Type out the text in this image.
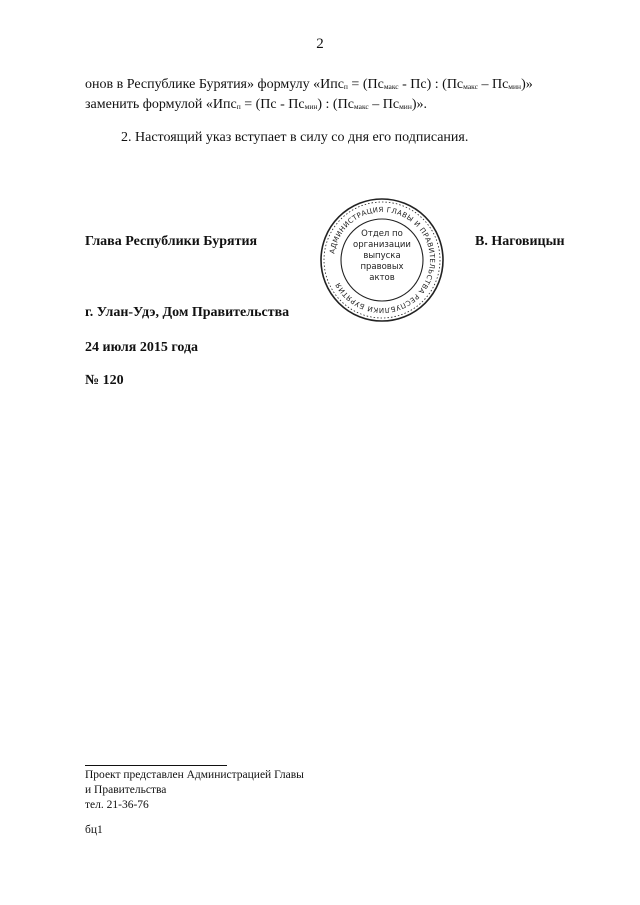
2
онов в Республике Бурятия» формулу «$Ипс_п = (Пс_{макс} - Пс)$ : $(Пс_{макс} - Пс_{мин})$»
заменить формулой «$Ипс_п = (Пс - Пс_{мин})$ : $(Пс_{макс} - Пс_{мин})$».
2. Настоящий указ вступает в силу со дня его подписания.
Глава Республики Бурятия
АДМИНИСТРАЦИЯ ГЛАВЫ И ПРАВИТЕЛЬСТВА РЕСПУБЛИКИ БУРЯТИЯ
Отдел по
организации
выпуска
правовых
актов
В. Наговицын
г. Улан-Удэ, Дом Правительства
24 июля 2015 года
№ 120
Проект представлен Администрацией Главы
и Правительства
тел. 21-36-76
бц1
